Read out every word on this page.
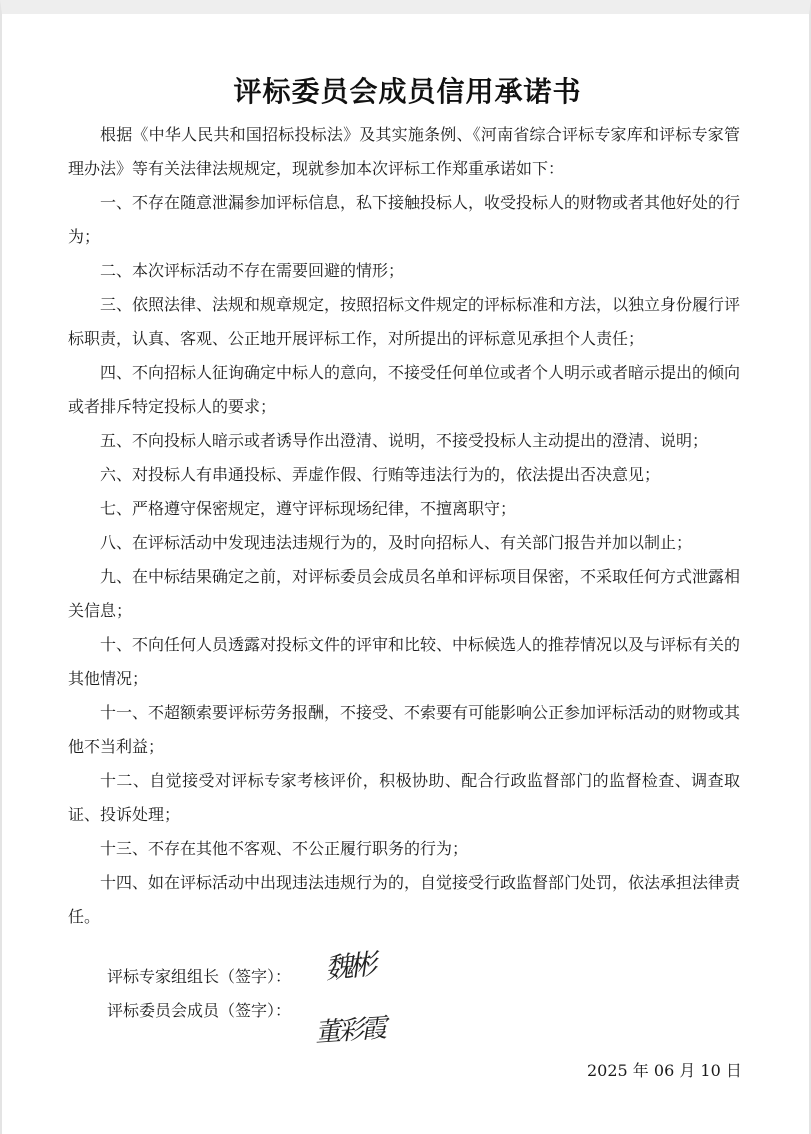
评标委员会成员信用承诺书

根据《中华人民共和国招标投标法》及其实施条例、《河南省综合评标专家库和评标专家管理办法》等有关法律法规规定，现就参加本次评标工作郑重承诺如下：

一、不存在随意泄漏参加评标信息，私下接触投标人，收受投标人的财物或者其他好处的行为；

二、本次评标活动不存在需要回避的情形；

三、依照法律、法规和规章规定，按照招标文件规定的评标标准和方法，以独立身份履行评标职责，认真、客观、公正地开展评标工作，对所提出的评标意见承担个人责任；

四、不向招标人征询确定中标人的意向，不接受任何单位或者个人明示或者暗示提出的倾向或者排斥特定投标人的要求；

五、不向投标人暗示或者诱导作出澄清、说明，不接受投标人主动提出的澄清、说明；

六、对投标人有串通投标、弄虚作假、行贿等违法行为的，依法提出否决意见；

七、严格遵守保密规定，遵守评标现场纪律，不擅离职守；

八、在评标活动中发现违法违规行为的，及时向招标人、有关部门报告并加以制止；

九、在中标结果确定之前，对评标委员会成员名单和评标项目保密，不采取任何方式泄露相关信息；

十、不向任何人员透露对投标文件的评审和比较、中标候选人的推荐情况以及与评标有关的其他情况；

十一、不超额索要评标劳务报酬，不接受、不索要有可能影响公正参加评标活动的财物或其他不当利益；

十二、自觉接受对评标专家考核评价，积极协助、配合行政监督部门的监督检查、调查取证、投诉处理；

十三、不存在其他不客观、不公正履行职务的行为；

十四、如在评标活动中出现违法违规行为的，自觉接受行政监督部门处罚，依法承担法律责任。

评标专家组组长（签字）： 魏彬
评标委员会成员（签字）：
董彩霞
2025 年 06 月 10 日
